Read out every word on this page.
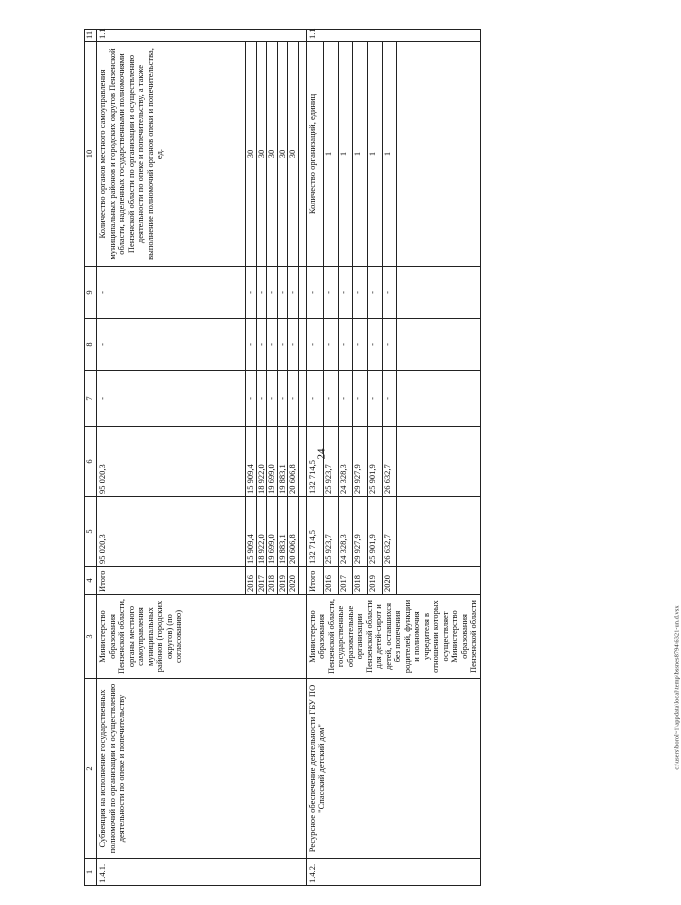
24
c:\users\borol~1\appdata\local\temp\bssnes8794\6321-un.d.vsx
1	2	3	4	5	6	7	8	9	10	11
1.4.1.	Субвенция на исполнение государственных полномочий по организации и осуществлению деятельности по опеке и попечительству	Министерство образования Пензенской области, органы местного самоуправления муниципальных районов (городских округов) (по согласованию)	Итого	95 020,3	95 020,3	-	-	-	Количество органов местного самоуправления муниципальных районов и городских округов Пензенской области, наделенных государственными полномочиями Пензенской области по организации и осуществлению деятельности по опеке и попечительству, а также выполнение полномочий органов опеки и попечительства, ед.	1.1
			2016	15 909,4	15 909,4	-	-	-	30	
			2017	18 922,0	18 922,0	-	-	-	30	
			2018	19 699,0	19 699,0	-	-	-	30	
			2019	19 883,1	19 883,1	-	-	-	30	
			2020	20 606,8	20 606,8	-	-	-	30	

1.4.2.	Ресурсное обеспечение деятельности ГБУ ПО "Спасский детский дом"	Министерство образования Пензенской области, государственные образовательные организации Пензенской области для детей-сирот и детей, оставшихся без попечения родителей, функции и полномочия учредителя в отношении которых осуществляет Министерство образования Пензенской области	Итого	132 714,5	132 714,5	-	-	-	Количество организаций, единиц	1.1
			2016	25 923,7	25 923,7	-	-	-	1	
			2017	24 328,3	24 328,3	-	-	-	1	
			2018	29 927,9	29 927,9	-	-	-	1	
			2019	25 901,9	25 901,9	-	-	-	1	
			2020	26 632,7	26 632,7	-	-	-	1	
